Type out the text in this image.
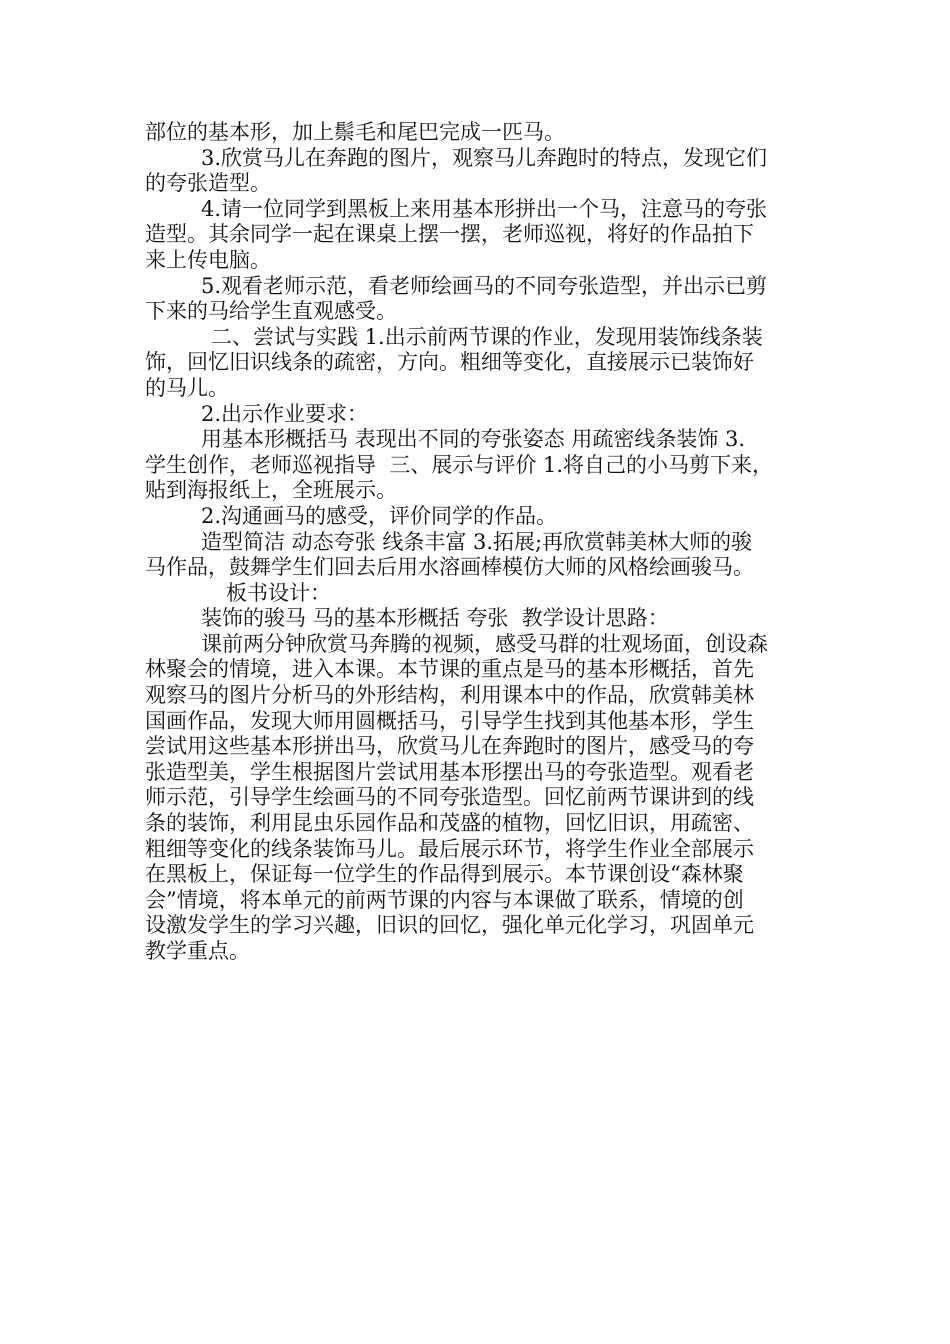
部位的基本形，加上鬃毛和尾巴完成一匹马。
3.欣赏马儿在奔跑的图片，观察马儿奔跑时的特点，发现它们
的夸张造型。
4.请一位同学到黑板上来用基本形拼出一个马，注意马的夸张
造型。其余同学一起在课桌上摆一摆，老师巡视，将好的作品拍下
来上传电脑。
5.观看老师示范，看老师绘画马的不同夸张造型，并出示已剪
下来的马给学生直观感受。
二、尝试与实践 1.出示前两节课的作业，发现用装饰线条装
饰，回忆旧识线条的疏密，方向。粗细等变化，直接展示已装饰好
的马儿。
2.出示作业要求：
用基本形概括马 表现出不同的夸张姿态 用疏密线条装饰 3.
学生创作，老师巡视指导  三、展示与评价 1.将自己的小马剪下来，
贴到海报纸上，全班展示。
2.沟通画马的感受，评价同学的作品。
造型简洁 动态夸张 线条丰富 3.拓展;再欣赏韩美林大师的骏
马作品，鼓舞学生们回去后用水溶画棒模仿大师的风格绘画骏马。
板书设计：
装饰的骏马 马的基本形概括 夸张  教学设计思路：
课前两分钟欣赏马奔腾的视频，感受马群的壮观场面，创设森
林聚会的情境，进入本课。本节课的重点是马的基本形概括，首先
观察马的图片分析马的外形结构，利用课本中的作品，欣赏韩美林
国画作品，发现大师用圆概括马，引导学生找到其他基本形，学生
尝试用这些基本形拼出马，欣赏马儿在奔跑时的图片，感受马的夸
张造型美，学生根据图片尝试用基本形摆出马的夸张造型。观看老
师示范，引导学生绘画马的不同夸张造型。回忆前两节课讲到的线
条的装饰，利用昆虫乐园作品和茂盛的植物，回忆旧识，用疏密、
粗细等变化的线条装饰马儿。最后展示环节，将学生作业全部展示
在黑板上，保证每一位学生的作品得到展示。本节课创设“森林聚
会”情境，将本单元的前两节课的内容与本课做了联系，情境的创
设激发学生的学习兴趣，旧识的回忆，强化单元化学习，巩固单元
教学重点。
